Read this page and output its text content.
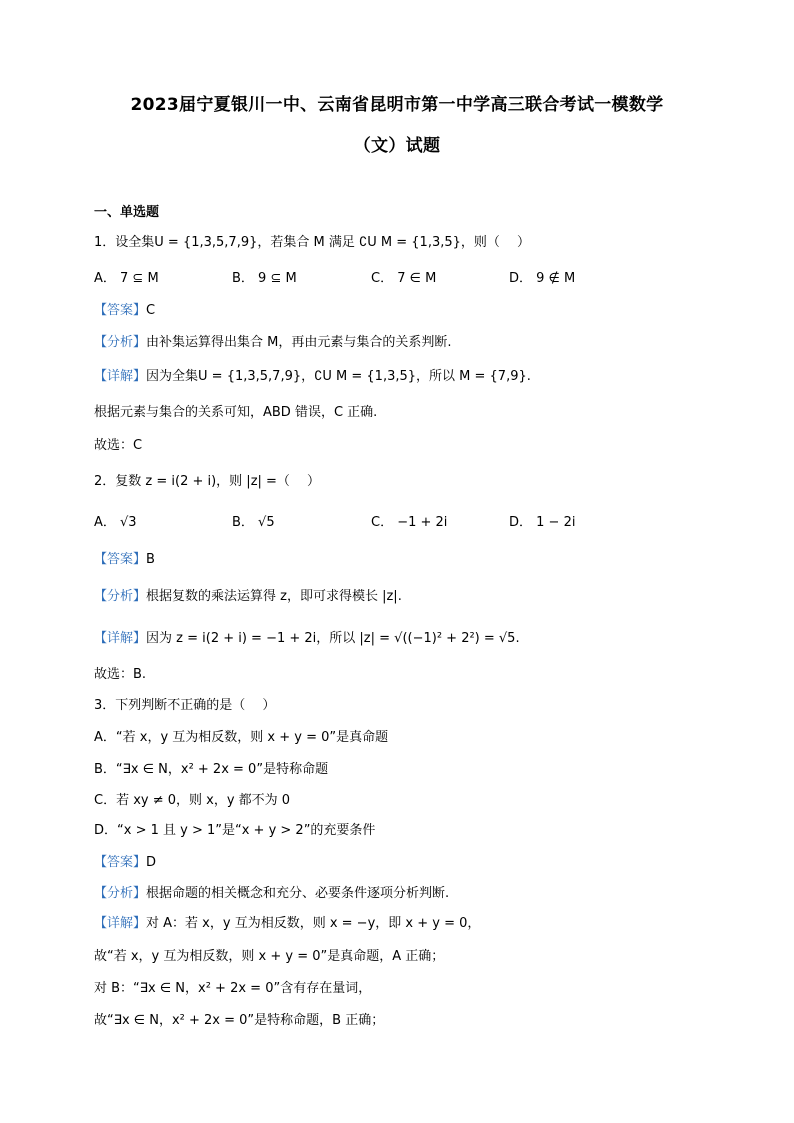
2023届宁夏银川一中、云南省昆明市第一中学高三联合考试一模数学
（文）试题
一、单选题
1．设全集U = {1,3,5,7,9}，若集合 M 满足 ∁U M = {1,3,5}，则（　 ）
A． 7 ⊆ M	B． 9 ⊆ M	C． 7 ∈ M	D． 9 ∉ M
【答案】C
【分析】由补集运算得出集合 M，再由元素与集合的关系判断.
【详解】因为全集U = {1,3,5,7,9}，∁U M = {1,3,5}，所以 M = {7,9}.
根据元素与集合的关系可知，ABD 错误，C 正确.
故选：C
2．复数 z = i(2 + i)，则 |z| =（　 ）
A． √3	B． √5	C． −1 + 2i	D． 1 − 2i
【答案】B
【分析】根据复数的乘法运算得 z，即可求得模长 |z|.
【详解】因为 z = i(2 + i) = −1 + 2i，所以 |z| = √((−1)² + 2²) = √5.
故选：B.
3．下列判断不正确的是（　 ）
A．“若 x，y 互为相反数，则 x + y = 0”是真命题
B．“∃x ∈ N，x² + 2x = 0”是特称命题
C．若 xy ≠ 0，则 x，y 都不为 0
D．“x > 1 且 y > 1”是“x + y > 2”的充要条件
【答案】D
【分析】根据命题的相关概念和充分、必要条件逐项分析判断.
【详解】对 A：若 x，y 互为相反数，则 x = −y，即 x + y = 0，
故“若 x，y 互为相反数，则 x + y = 0”是真命题，A 正确；
对 B：“∃x ∈ N，x² + 2x = 0”含有存在量词，
故“∃x ∈ N，x² + 2x = 0”是特称命题，B 正确；
